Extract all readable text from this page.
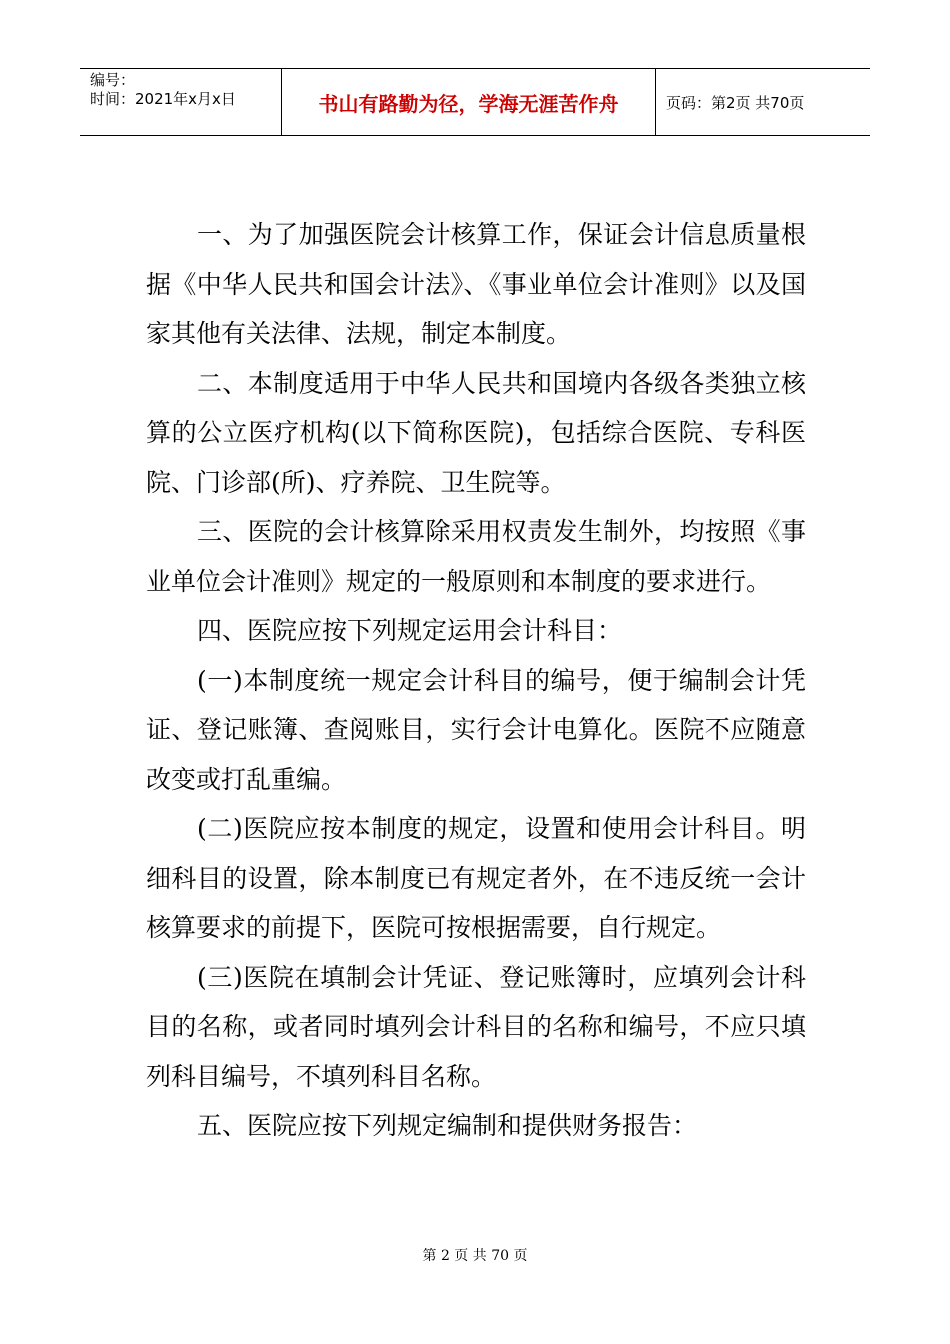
编号：
时间：2021年x月x日	书山有路勤为径，学海无涯苦作舟	页码：第2页 共70页

一、为了加强医院会计核算工作，保证会计信息质量根据《中华人民共和国会计法》、《事业单位会计准则》以及国家其他有关法律、法规，制定本制度。

二、本制度适用于中华人民共和国境内各级各类独立核算的公立医疗机构(以下简称医院)，包括综合医院、专科医院、门诊部(所)、疗养院、卫生院等。

三、医院的会计核算除采用权责发生制外，均按照《事业单位会计准则》规定的一般原则和本制度的要求进行。

四、医院应按下列规定运用会计科目：

(一)本制度统一规定会计科目的编号，便于编制会计凭证、登记账簿、查阅账目，实行会计电算化。医院不应随意改变或打乱重编。

(二)医院应按本制度的规定，设置和使用会计科目。明细科目的设置，除本制度已有规定者外，在不违反统一会计核算要求的前提下，医院可按根据需要，自行规定。

(三)医院在填制会计凭证、登记账簿时，应填列会计科目的名称，或者同时填列会计科目的名称和编号，不应只填列科目编号，不填列科目名称。

五、医院应按下列规定编制和提供财务报告：

第 2 页 共 70 页
